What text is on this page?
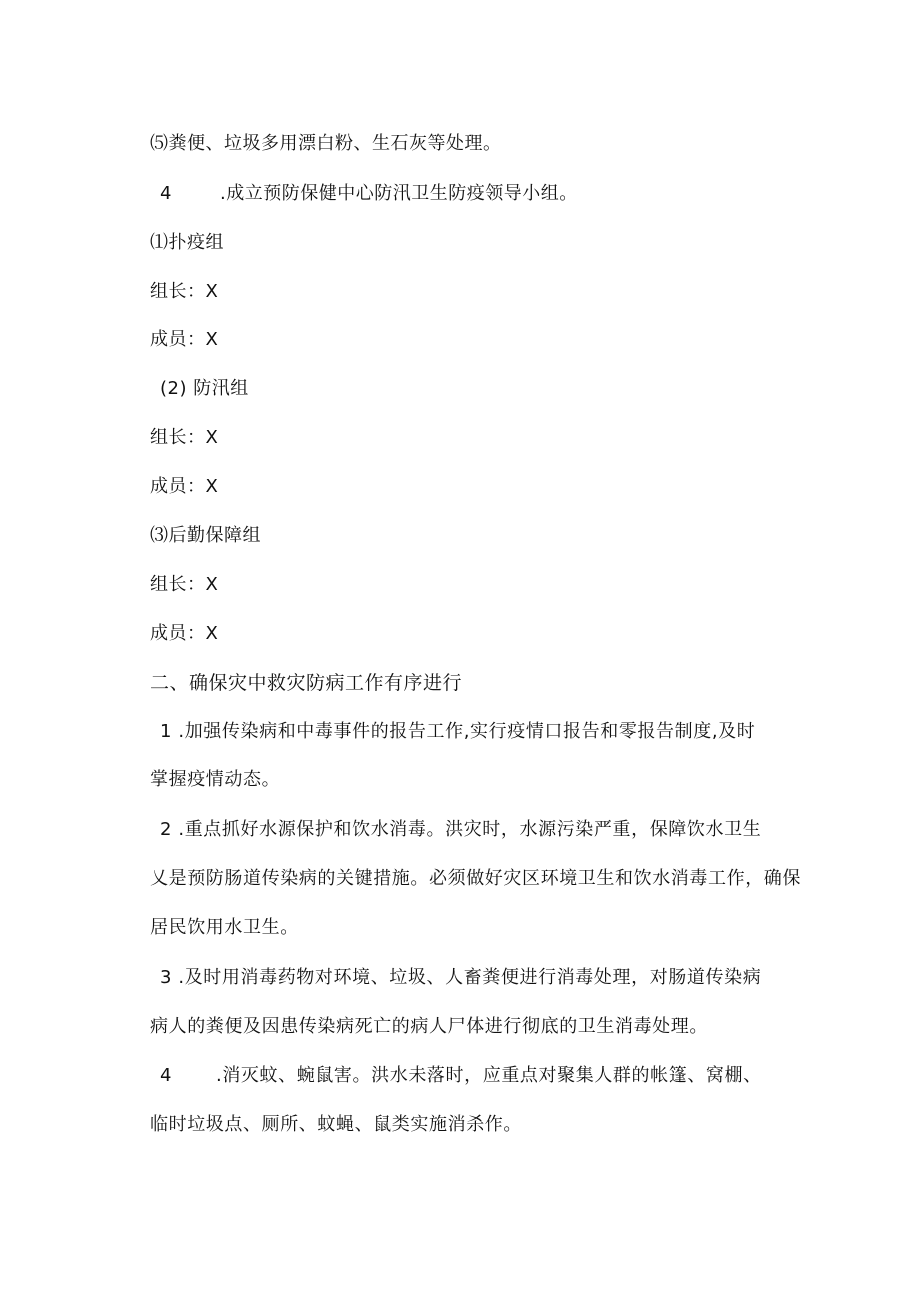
⑸粪便、垃圾多用漂白粉、生石灰等处理。
4	.成立预防保健中心防汛卫生防疫领导小组。
⑴扑疫组
组长：X
成员：X
(2) 防汛组
组长：X
成员：X
⑶后勤保障组
组长：X
成员：X
二、确保灾中救灾防病工作有序进行
1 .加强传染病和中毒事件的报告工作,实行疫情口报告和零报告制度,及时
掌握疫情动态。
2 .重点抓好水源保护和饮水消毒。洪灾时，水源污染严重，保障饮水卫生
乂是预防肠道传染病的关键措施。必须做好灾区环境卫生和饮水消毒工作，确保
居民饮用水卫生。
3 .及时用消毒药物对环境、垃圾、人畜粪便进行消毒处理，对肠道传染病
病人的粪便及因患传染病死亡的病人尸体进行彻底的卫生消毒处理。
4 .消灭蚊、蜿鼠害。洪水未落时，应重点对聚集人群的帐篷、窝棚、
临时垃圾点、厕所、蚊蝇、鼠类实施消杀作。
